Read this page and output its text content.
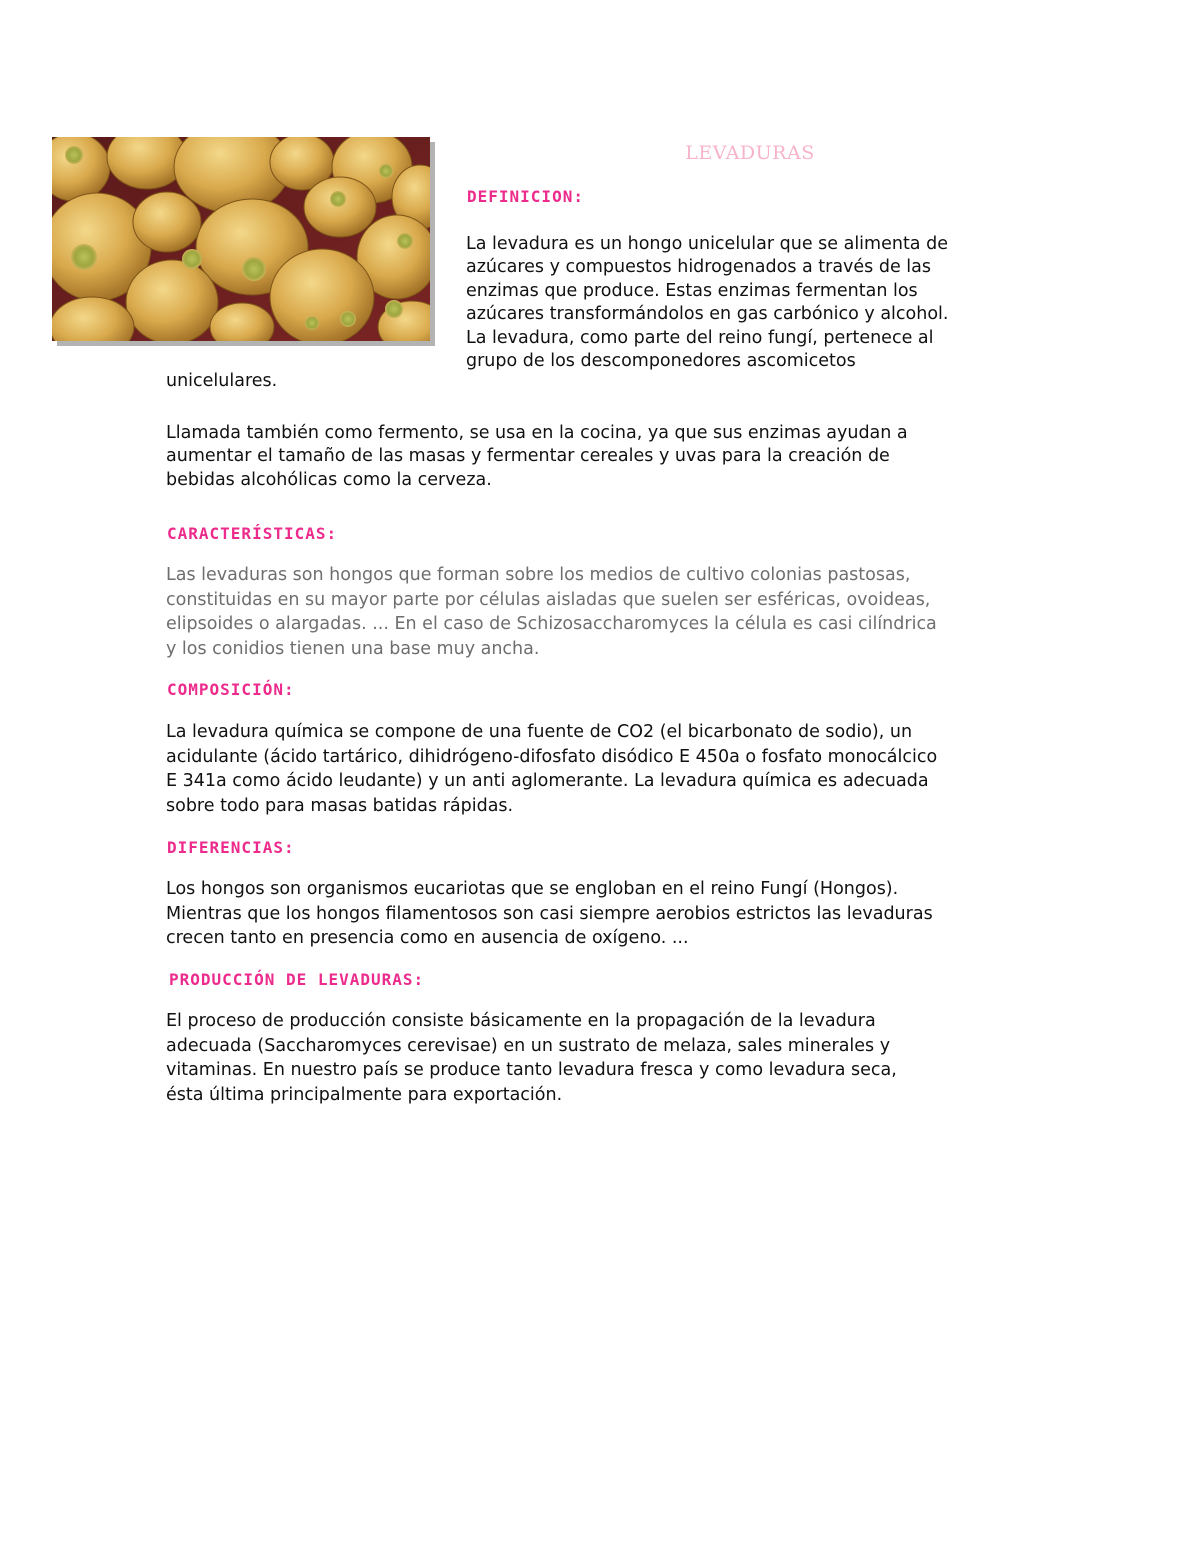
LEVADURAS
DEFINICION:

La levadura es un hongo unicelular que se alimenta de
azúcares y compuestos hidrogenados a través de las
enzimas que produce. Estas enzimas fermentan los
azúcares transformándolos en gas carbónico y alcohol.
La levadura, como parte del reino fungí, pertenece al
grupo de los descomponedores ascomicetos

unicelulares.

Llamada también como fermento, se usa en la cocina, ya que sus enzimas ayudan a
aumentar el tamaño de las masas y fermentar cereales y uvas para la creación de
bebidas alcohólicas como la cerveza.

CARACTERÍSTICAS:

Las levaduras son hongos que forman sobre los medios de cultivo colonias pastosas,
constituidas en su mayor parte por células aisladas que suelen ser esféricas, ovoideas,
elipsoides o alargadas. ... En el caso de Schizosaccharomyces la célula es casi cilíndrica
y los conidios tienen una base muy ancha.

COMPOSICIÓN:

La levadura química se compone de una fuente de CO2 (el bicarbonato de sodio), un
acidulante (ácido tartárico, dihidrógeno-difosfato disódico E 450a o fosfato monocálcico
E 341a como ácido leudante) y un anti aglomerante. La levadura química es adecuada
sobre todo para masas batidas rápidas.

DIFERENCIAS:

Los hongos son organismos eucariotas que se engloban en el reino Fungí (Hongos).
Mientras que los hongos filamentosos son casi siempre aerobios estrictos las levaduras
crecen tanto en presencia como en ausencia de oxígeno. ...

PRODUCCIÓN DE LEVADURAS:

El proceso de producción consiste básicamente en la propagación de la levadura
adecuada (Saccharomyces cerevisae) en un sustrato de melaza, sales minerales y
vitaminas. En nuestro país se produce tanto levadura fresca y como levadura seca,
ésta última principalmente para exportación.
